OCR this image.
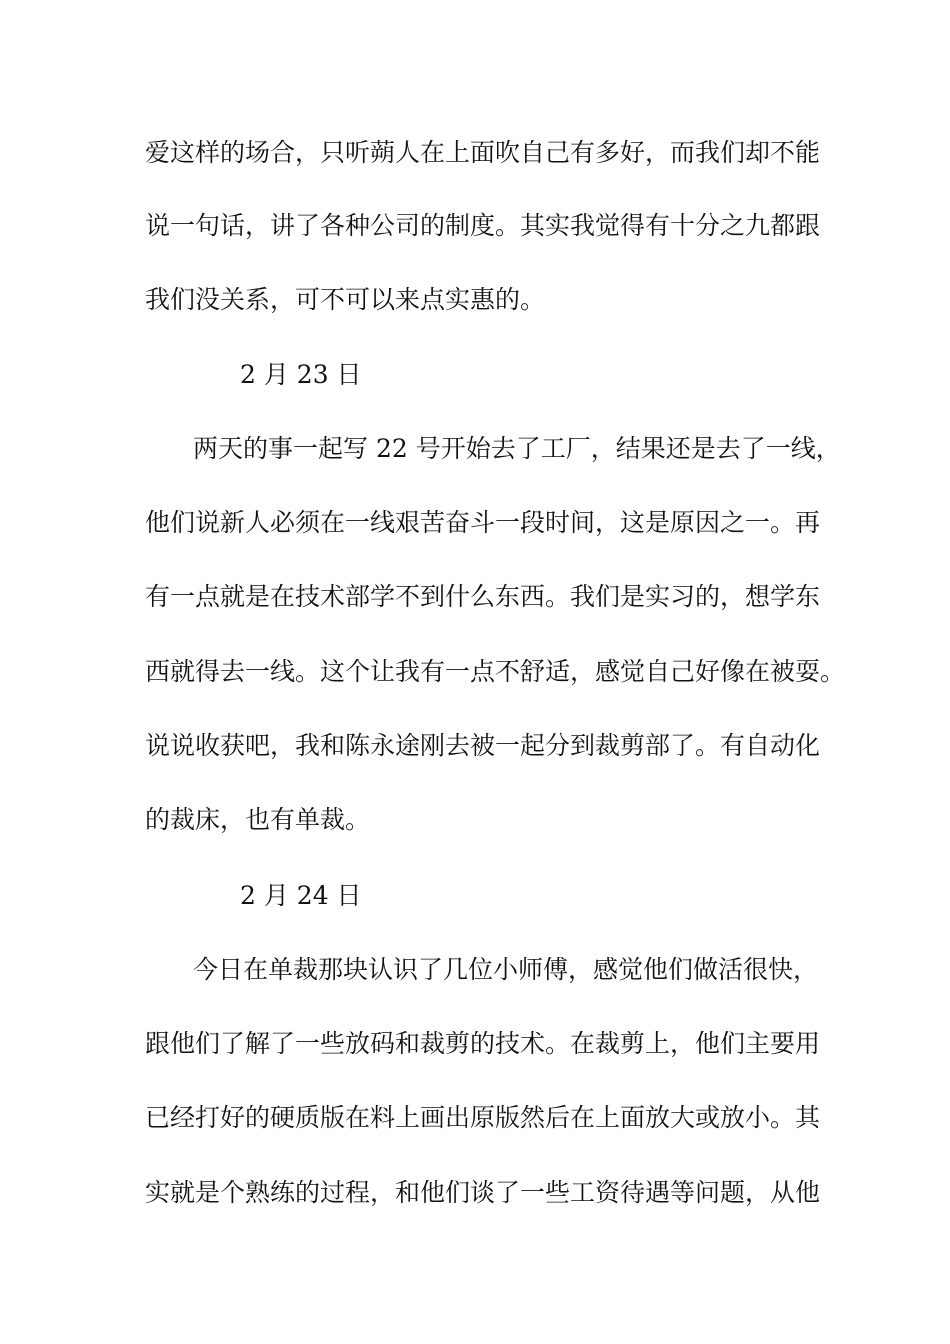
爱这样的场合，只听蒴人在上面吹自己有多好，而我们却不能
说一句话，讲了各种公司的制度。其实我觉得有十分之九都跟
我们没关系，可不可以来点实惠的。
2 月 23 日
两天的事一起写 22 号开始去了工厂，结果还是去了一线，
他们说新人必须在一线艰苦奋斗一段时间，这是原因之一。再
有一点就是在技术部学不到什么东西。我们是实习的，想学东
西就得去一线。这个让我有一点不舒适，感觉自己好像在被耍。
说说收获吧，我和陈永途刚去被一起分到裁剪部了。有自动化
的裁床，也有单裁。
2 月 24 日
今日在单裁那块认识了几位小师傅，感觉他们做活很快，
跟他们了解了一些放码和裁剪的技术。在裁剪上，他们主要用
已经打好的硬质版在料上画出原版然后在上面放大或放小。其
实就是个熟练的过程，和他们谈了一些工资待遇等问题，从他
